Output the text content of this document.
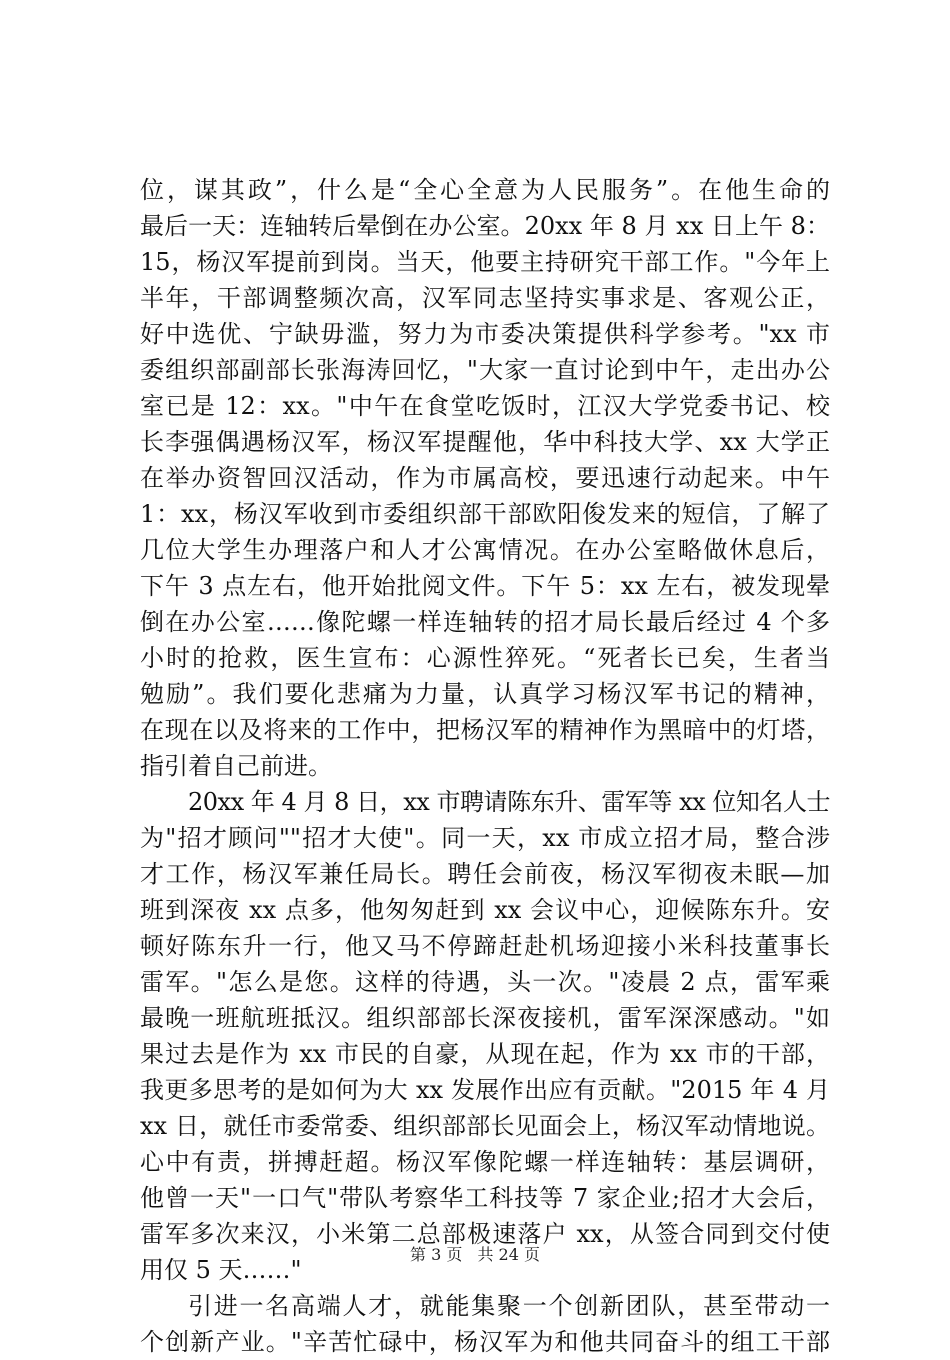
位，谋其政”，什么是“全心全意为人民服务”。在他生命的
最后一天：连轴转后晕倒在办公室。20xx 年 8 月 xx 日上午 8：
15，杨汉军提前到岗。当天，他要主持研究干部工作。"今年上
半年，干部调整频次高，汉军同志坚持实事求是、客观公正，
好中选优、宁缺毋滥，努力为市委决策提供科学参考。"xx 市
委组织部副部长张海涛回忆，"大家一直讨论到中午，走出办公
室已是 12：xx。"中午在食堂吃饭时，江汉大学党委书记、校
长李强偶遇杨汉军，杨汉军提醒他，华中科技大学、xx 大学正
在举办资智回汉活动，作为市属高校，要迅速行动起来。中午
1：xx，杨汉军收到市委组织部干部欧阳俊发来的短信，了解了
几位大学生办理落户和人才公寓情况。在办公室略做休息后，
下午 3 点左右，他开始批阅文件。下午 5：xx 左右，被发现晕
倒在办公室……像陀螺一样连轴转的招才局长最后经过 4 个多
小时的抢救，医生宣布：心源性猝死。“死者长已矣，生者当
勉励”。我们要化悲痛为力量，认真学习杨汉军书记的精神，
在现在以及将来的工作中，把杨汉军的精神作为黑暗中的灯塔，
指引着自己前进。
20xx 年 4 月 8 日，xx 市聘请陈东升、雷军等 xx 位知名人士
为"招才顾问""招才大使"。同一天，xx 市成立招才局，整合涉
才工作，杨汉军兼任局长。聘任会前夜，杨汉军彻夜未眠—加
班到深夜 xx 点多，他匆匆赶到 xx 会议中心，迎候陈东升。安
顿好陈东升一行，他又马不停蹄赶赴机场迎接小米科技董事长
雷军。"怎么是您。这样的待遇，头一次。"凌晨 2 点，雷军乘
最晚一班航班抵汉。组织部部长深夜接机，雷军深深感动。"如
果过去是作为 xx 市民的自豪，从现在起，作为 xx 市的干部，
我更多思考的是如何为大 xx 发展作出应有贡献。"2015 年 4 月
xx 日，就任市委常委、组织部部长见面会上，杨汉军动情地说。
心中有责，拼搏赶超。杨汉军像陀螺一样连轴转：基层调研，
他曾一天"一口气"带队考察华工科技等 7 家企业;招才大会后，
雷军多次来汉，小米第二总部极速落户 xx，从签合同到交付使
用仅 5 天……"
引进一名高端人才，就能集聚一个创新团队，甚至带动一
个创新产业。"辛苦忙碌中，杨汉军为和他共同奋斗的组工干部
第 3 页 共 24 页
